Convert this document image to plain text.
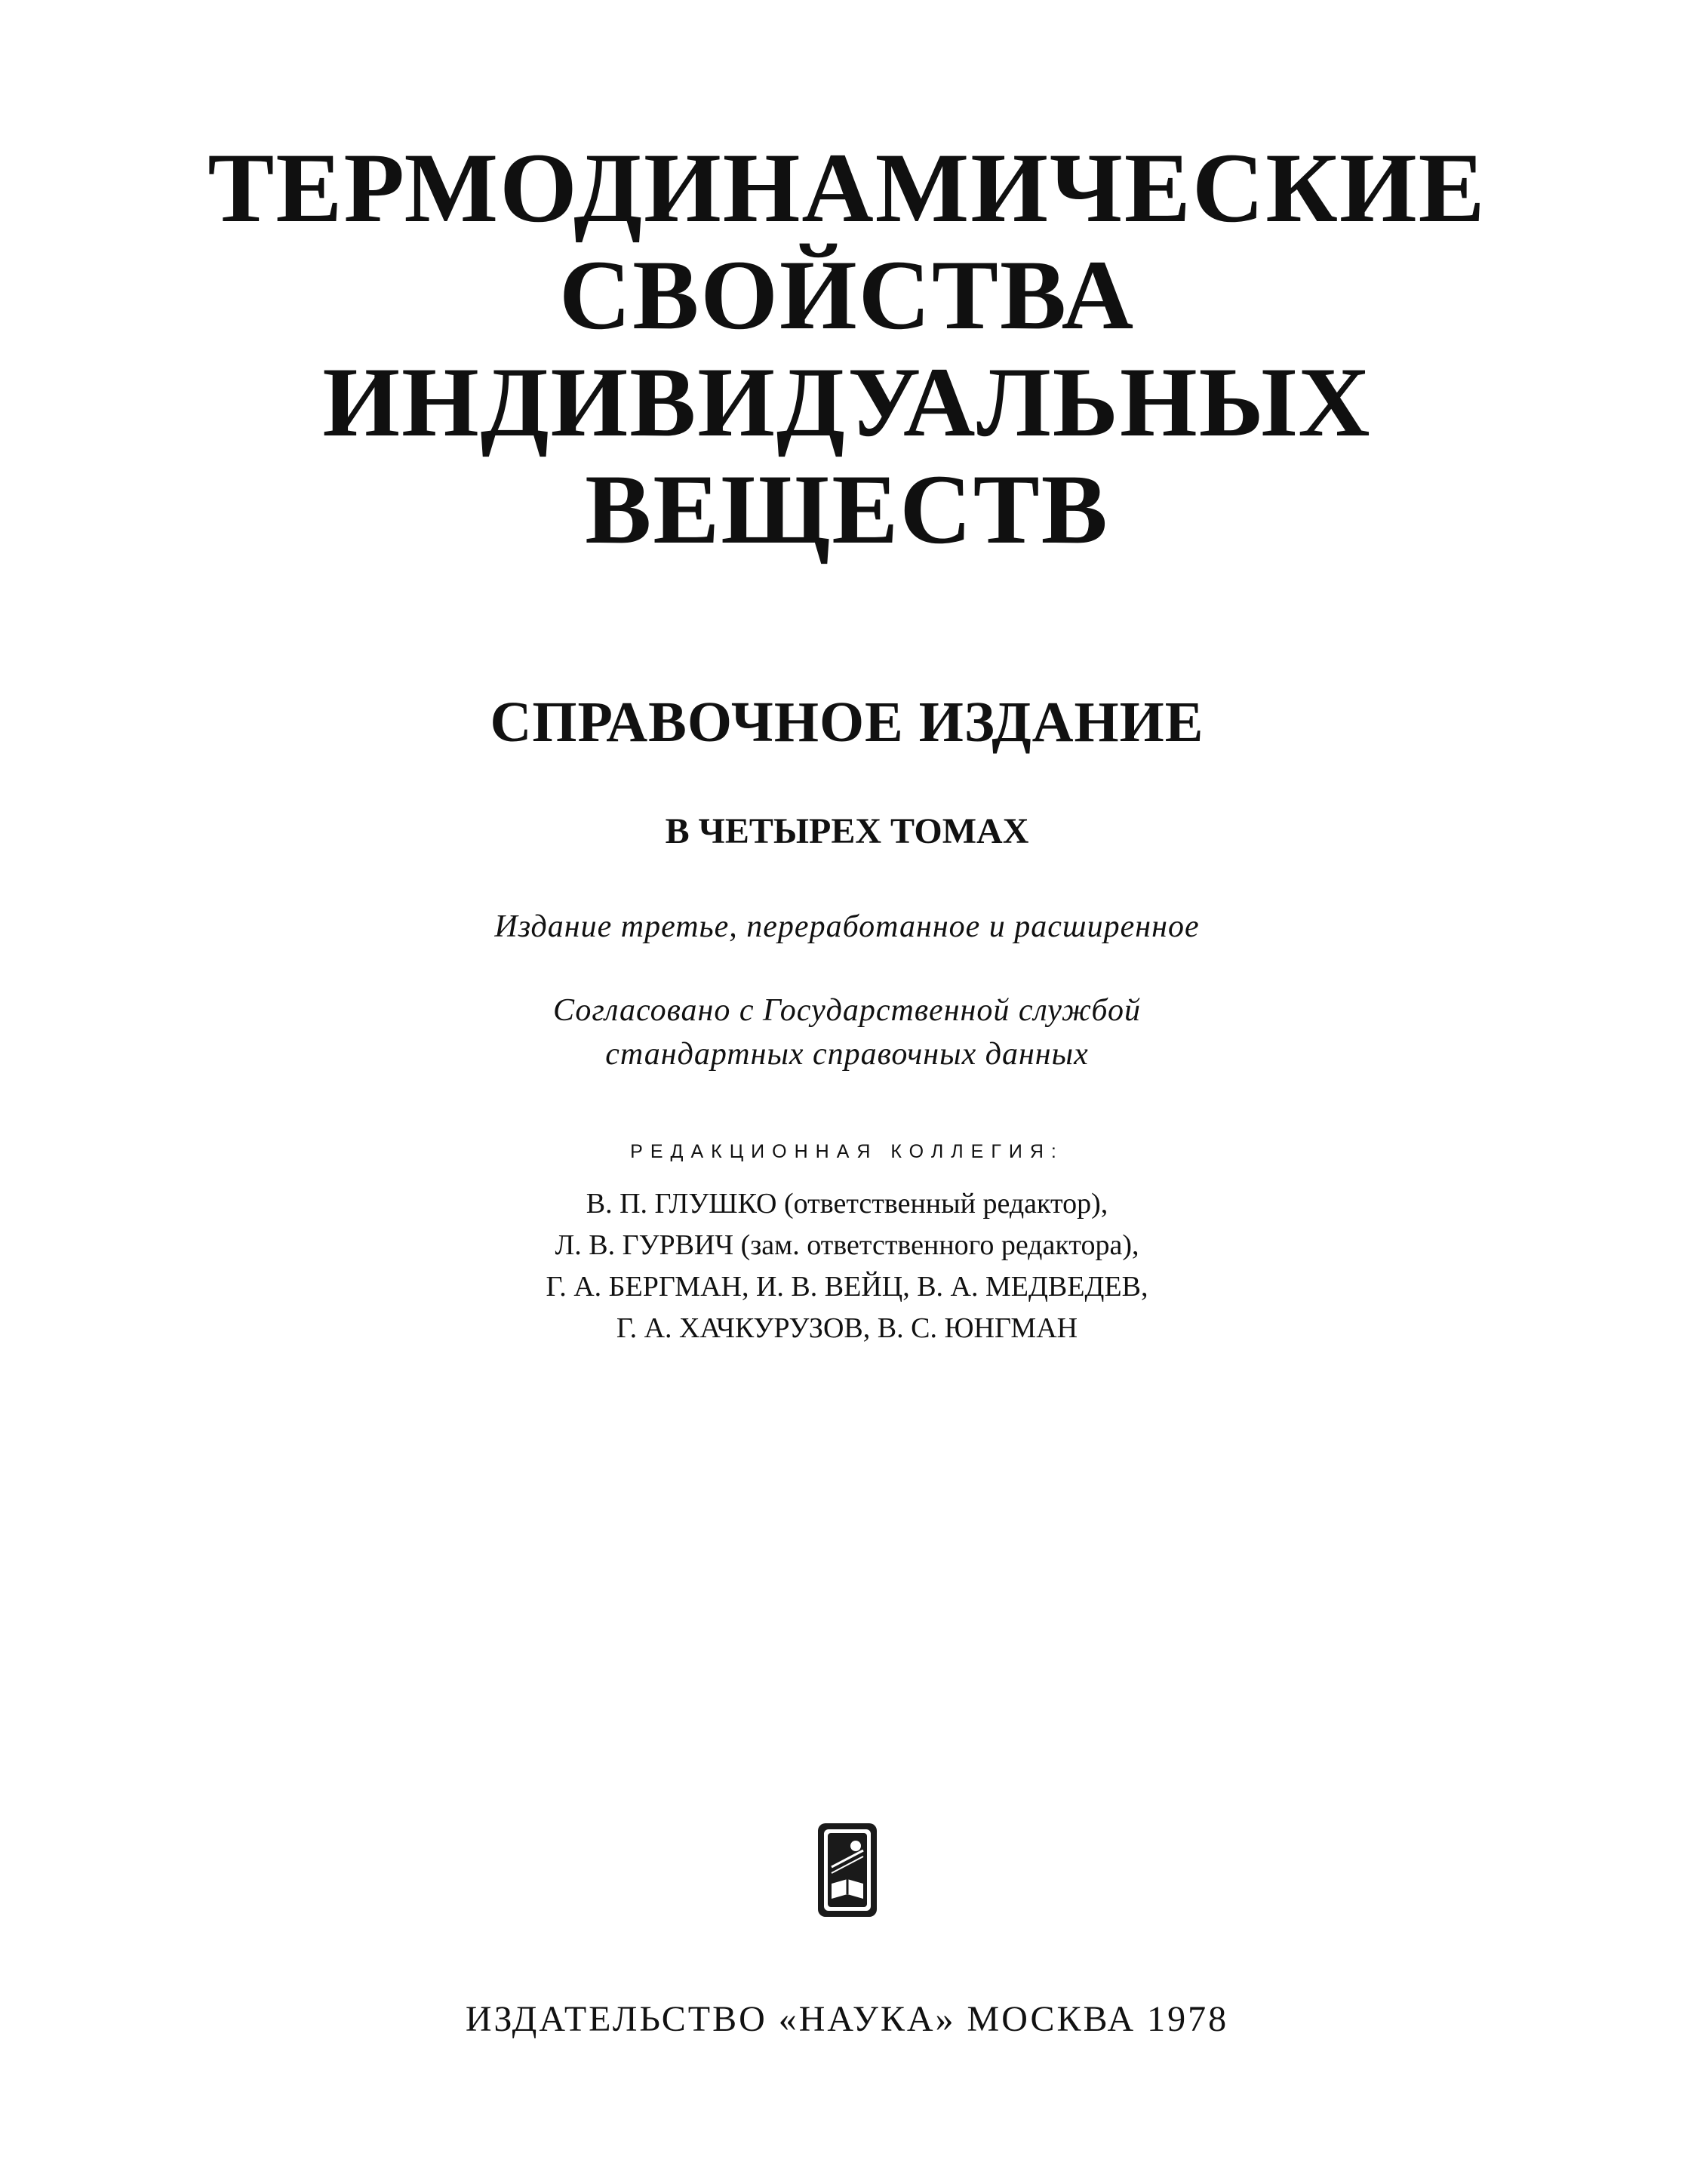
ТЕРМОДИНАМИЧЕСКИЕ
СВОЙСТВА
ИНДИВИДУАЛЬНЫХ
ВЕЩЕСТВ
СПРАВОЧНОЕ ИЗДАНИЕ
В ЧЕТЫРЕХ ТОМАХ
Издание третье, переработанное и расширенное
Согласовано с Государственной службой
стандартных справочных данных
РЕДАКЦИОННАЯ КОЛЛЕГИЯ:
В. П. ГЛУШКО (ответственный редактор),
Л. В. ГУРВИЧ (зам. ответственного редактора),
Г. А. БЕРГМАН, И. В. ВЕЙЦ, В. А. МЕДВЕДЕВ,
Г. А. ХАЧКУРУЗОВ, В. С. ЮНГМАН
ИЗДАТЕЛЬСТВО «НАУКА» МОСКВА 1978
